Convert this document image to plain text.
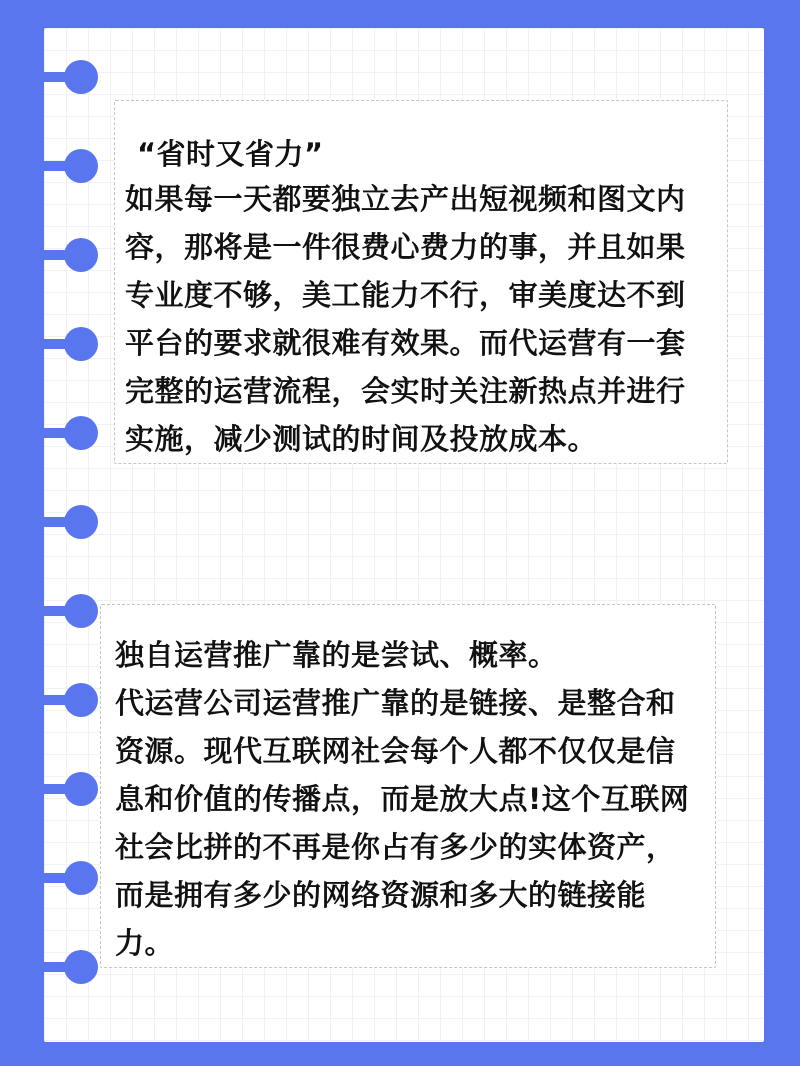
“省时又省力”
如果每一天都要独立去产出短视频和图文内容，那将是一件很费心费力的事，并且如果专业度不够，美工能力不行，审美度达不到平台的要求就很难有效果。而代运营有一套完整的运营流程，会实时关注新热点并进行实施，减少测试的时间及投放成本。
独自运营推广靠的是尝试、概率。
代运营公司运营推广靠的是链接、是整合和资源。现代互联网社会每个人都不仅仅是信息和价值的传播点，而是放大点!这个互联网社会比拼的不再是你占有多少的实体资产，而是拥有多少的网络资源和多大的链接能力。
